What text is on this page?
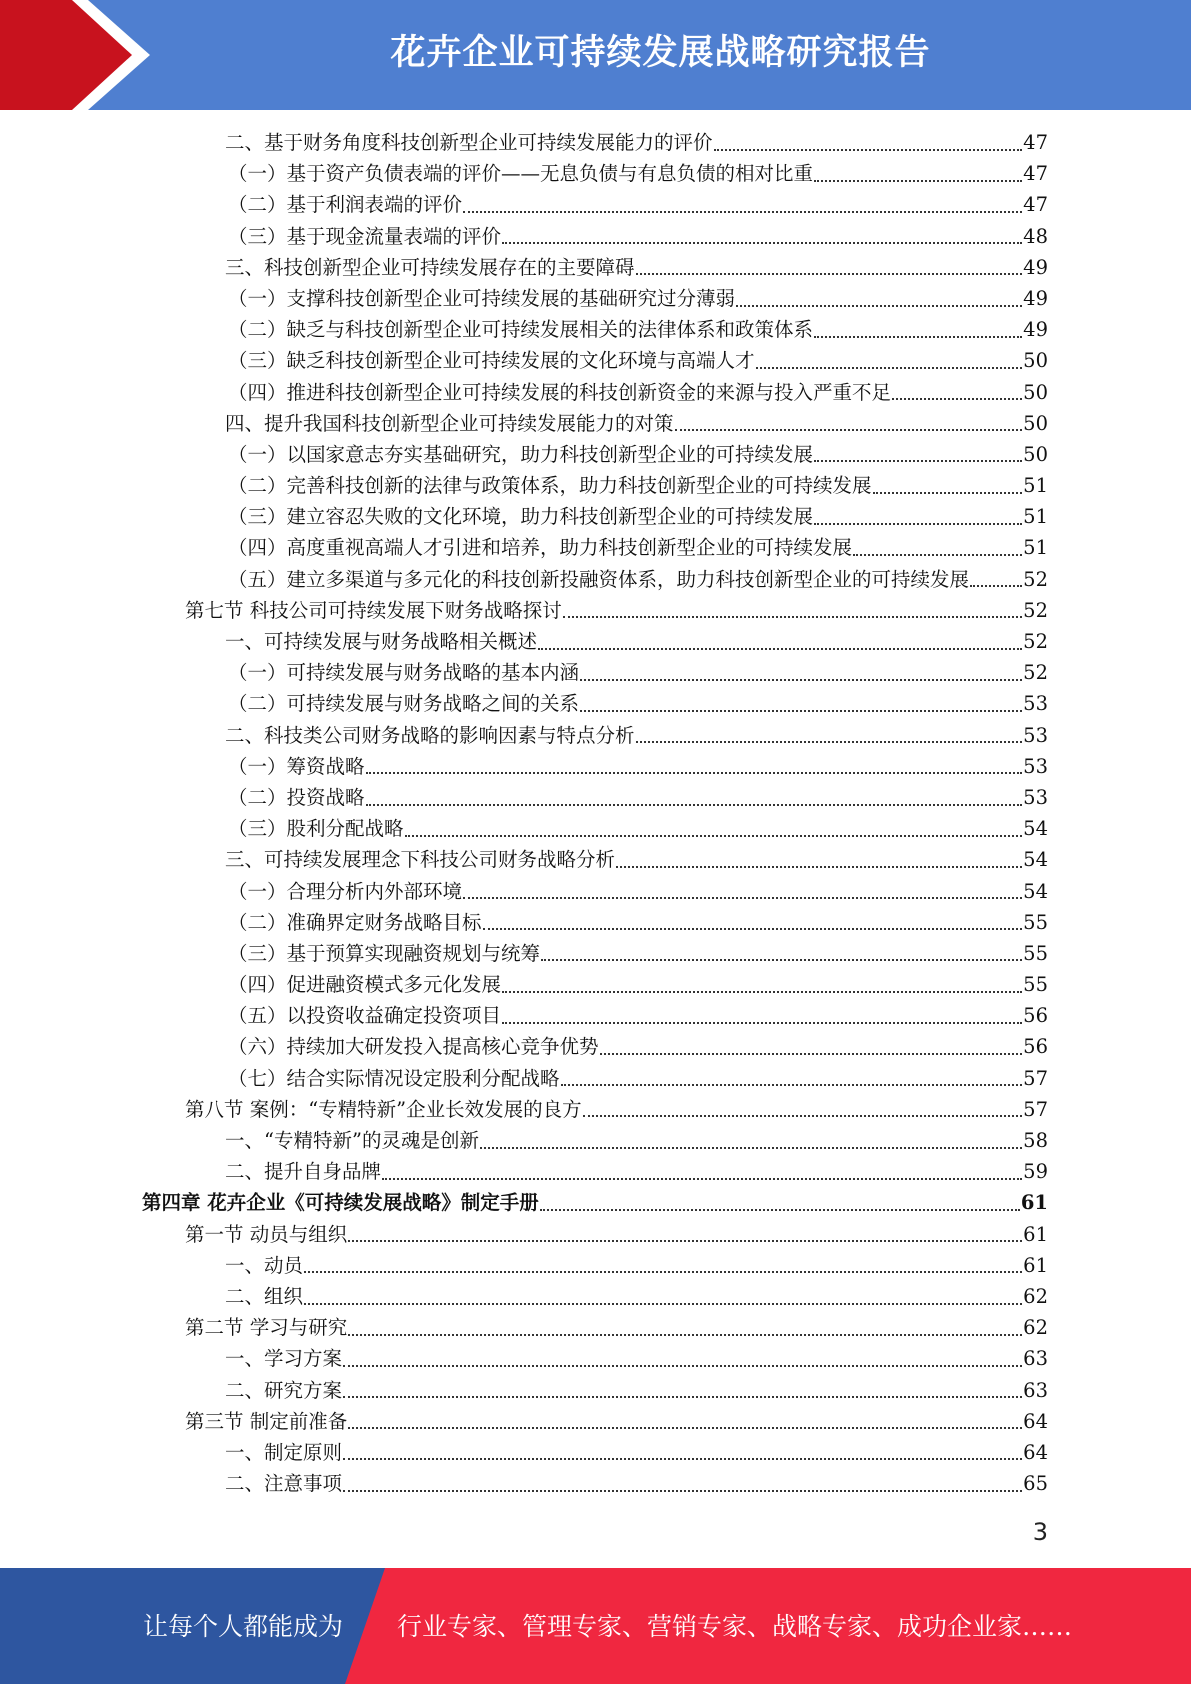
花卉企业可持续发展战略研究报告
二、基于财务角度科技创新型企业可持续发展能力的评价	47
（一）基于资产负债表端的评价——无息负债与有息负债的相对比重	47
（二）基于利润表端的评价	47
（三）基于现金流量表端的评价	48
三、科技创新型企业可持续发展存在的主要障碍	49
（一）支撑科技创新型企业可持续发展的基础研究过分薄弱	49
（二）缺乏与科技创新型企业可持续发展相关的法律体系和政策体系	49
（三）缺乏科技创新型企业可持续发展的文化环境与高端人才	50
（四）推进科技创新型企业可持续发展的科技创新资金的来源与投入严重不足	50
四、提升我国科技创新型企业可持续发展能力的对策	50
（一）以国家意志夯实基础研究，助力科技创新型企业的可持续发展	50
（二）完善科技创新的法律与政策体系，助力科技创新型企业的可持续发展	51
（三）建立容忍失败的文化环境，助力科技创新型企业的可持续发展	51
（四）高度重视高端人才引进和培养，助力科技创新型企业的可持续发展	51
（五）建立多渠道与多元化的科技创新投融资体系，助力科技创新型企业的可持续发展	52
第七节 科技公司可持续发展下财务战略探讨	52
一、可持续发展与财务战略相关概述	52
（一）可持续发展与财务战略的基本内涵	52
（二）可持续发展与财务战略之间的关系	53
二、科技类公司财务战略的影响因素与特点分析	53
（一）筹资战略	53
（二）投资战略	53
（三）股利分配战略	54
三、可持续发展理念下科技公司财务战略分析	54
（一）合理分析内外部环境	54
（二）准确界定财务战略目标	55
（三）基于预算实现融资规划与统筹	55
（四）促进融资模式多元化发展	55
（五）以投资收益确定投资项目	56
（六）持续加大研发投入提高核心竞争优势	56
（七）结合实际情况设定股利分配战略	57
第八节 案例：“专精特新”企业长效发展的良方	57
一、“专精特新”的灵魂是创新	58
二、提升自身品牌	59
第四章 花卉企业《可持续发展战略》制定手册	61
第一节 动员与组织	61
一、动员	61
二、组织	62
第二节 学习与研究	62
一、学习方案	63
二、研究方案	63
第三节 制定前准备	64
一、制定原则	64
二、注意事项	65
3
让每个人都能成为 行业专家、管理专家、营销专家、战略专家、成功企业家……
